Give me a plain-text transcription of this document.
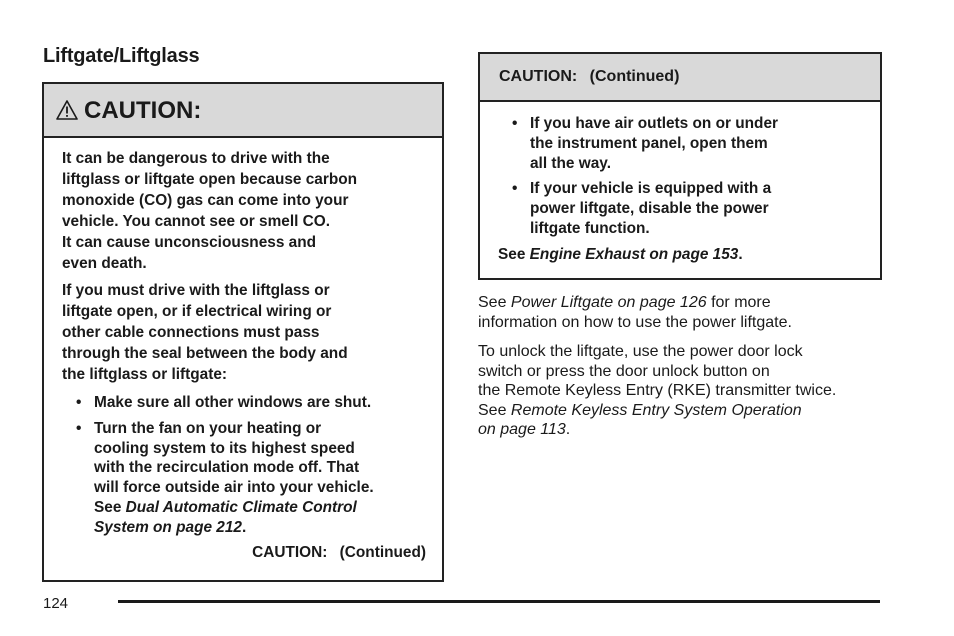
Liftgate/Liftglass
CAUTION:

It can be dangerous to drive with the
liftglass or liftgate open because carbon
monoxide (CO) gas can come into your
vehicle. You cannot see or smell CO.
It can cause unconsciousness and
even death.

If you must drive with the liftglass or
liftgate open, or if electrical wiring or
other cable connections must pass
through the seal between the body and
the liftglass or liftgate:

• Make sure all other windows are shut.
• Turn the fan on your heating or
cooling system to its highest speed
with the recirculation mode off. That
will force outside air into your vehicle.
See Dual Automatic Climate Control
System on page 212.
CAUTION: (Continued)
CAUTION: (Continued)
• If you have air outlets on or under
the instrument panel, open them
all the way.
• If your vehicle is equipped with a
power liftgate, disable the power
liftgate function.
See Engine Exhaust on page 153.

See Power Liftgate on page 126 for more
information on how to use the power liftgate.

To unlock the liftgate, use the power door lock
switch or press the door unlock button on
the Remote Keyless Entry (RKE) transmitter twice.
See Remote Keyless Entry System Operation
on page 113.

124
